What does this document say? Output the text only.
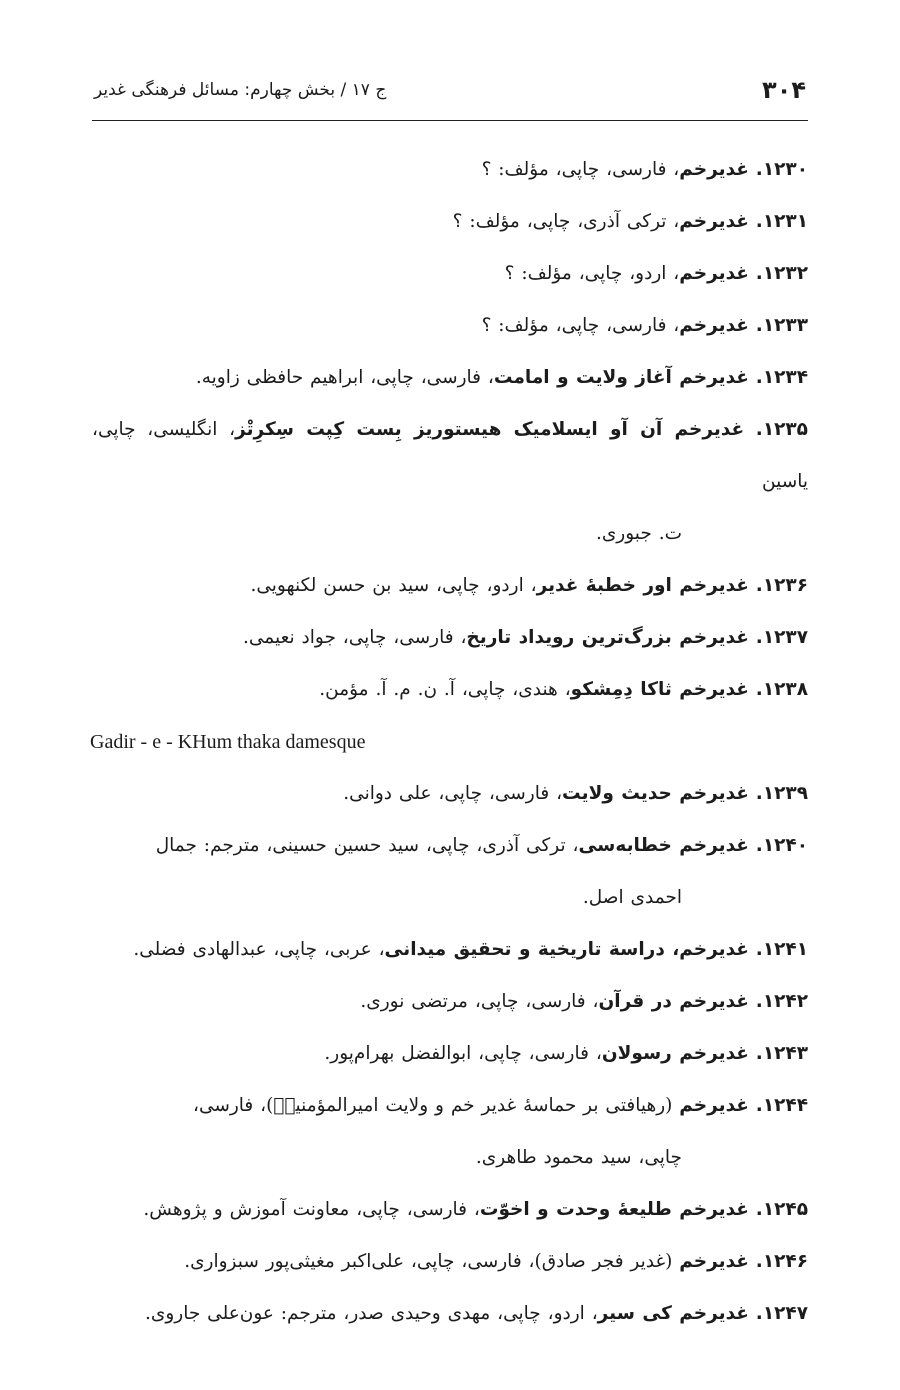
۳۰۴
ج ۱۷ / بخش چهارم: مسائل فرهنگی غدیر
۱۲۳۰. غدیرخم، فارسی، چاپی، مؤلف: ؟
۱۲۳۱. غدیرخم، ترکی آذری، چاپی، مؤلف: ؟
۱۲۳۲. غدیرخم، اردو، چاپی، مؤلف: ؟
۱۲۳۳. غدیرخم، فارسی، چاپی، مؤلف: ؟
۱۲۳۴. غدیرخم آغاز ولایت و امامت، فارسی، چاپی، ابراهیم حافظی زاویه.
۱۲۳۵. غدیرخم آن آو ایسلامیک هیستوریز بِست کِپت سِکرِتْز، انگلیسی، چاپی، یاسین
ت. جبوری.
۱۲۳۶. غدیرخم اور خطبهٔ غدیر، اردو، چاپی، سید بن حسن لکنهویی.
۱۲۳۷. غدیرخم بزرگ‌ترین رویداد تاریخ، فارسی، چاپی، جواد نعیمی.
۱۲۳۸. غدیرخم ثاکا دِمِشکو، هندی، چاپی، آ. ن. م. آ. مؤمن.
Gadir - e - KHum thaka damesque
۱۲۳۹. غدیرخم حدیث ولایت، فارسی، چاپی، علی دوانی.
۱۲۴۰. غدیرخم خطابه‌سی، ترکی آذری، چاپی، سید حسین حسینی، مترجم: جمال
احمدی اصل.
۱۲۴۱. غدیرخم، دراسة تاریخیة و تحقیق میدانی، عربی، چاپی، عبدالهادی فضلی.
۱۲۴۲. غدیرخم در قرآن، فارسی، چاپی، مرتضی نوری.
۱۲۴۳. غدیرخم رسولان، فارسی، چاپی، ابوالفضل بهرام‌پور.
۱۲۴۴. غدیرخم (رهیافتی بر حماسهٔ غدیر خم و ولایت امیرالمؤمنینؒ)، فارسی،
چاپی، سید محمود طاهری.
۱۲۴۵. غدیرخم طلیعهٔ وحدت و اخوّت، فارسی، چاپی، معاونت آموزش و پژوهش.
۱۲۴۶. غدیرخم (غدیر فجر صادق)، فارسی، چاپی، علی‌اکبر مغیثی‌پور سبزواری.
۱۲۴۷. غدیرخم کی سیر، اردو، چاپی، مهدی وحیدی صدر، مترجم: عون‌علی جاروی.
